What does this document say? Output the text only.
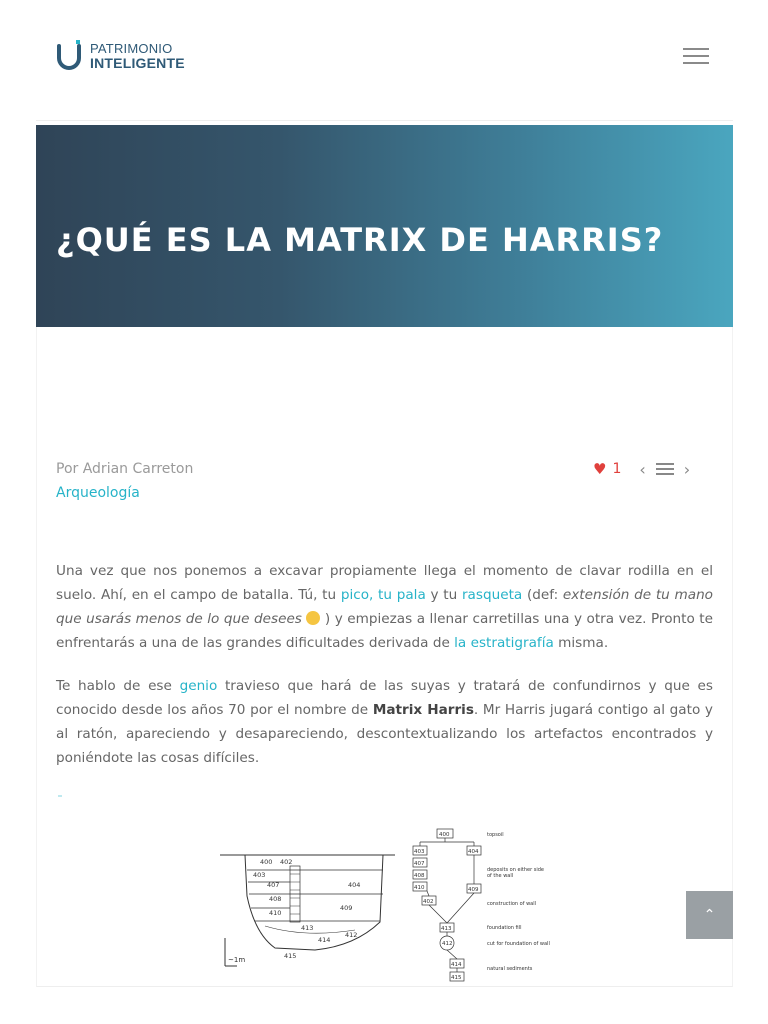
PATRIMONIO
INTELIGENTE
¿QUÉ ES LA MATRIX DE HARRIS?
Por Adrian Carreton
Arqueología
♥ 1 ‹ ›

Una vez que nos ponemos a excavar propiamente llega el momento de clavar rodilla en el suelo. Ahí, en el campo de batalla. Tú, tu pico, tu pala y tu rasqueta (def: extensión de tu mano que usarás menos de lo que desees  ) y empiezas a llenar carretillas una y otra vez. Pronto te enfrentarás a una de las grandes dificultades derivada de la estratigrafía misma.

Te hablo de ese genio travieso que hará de las suyas y tratará de confundirnos y que es conocido desde los años 70 por el nombre de Matrix Harris. Mr Harris jugará contigo al gato y al ratón, apareciendo y desapareciendo, descontextualizando los artefactos encontrados y poniéndote las cosas difíciles.

400 402
403
407
408
410
404
409
413
414
412
415
~1m
400
403	404
407
408
410	409
402
413
412
414
415
topsoil
deposits on either side
of the wall
construction of wall
foundation fill
cut for foundation of wall
natural sediments
⌃
